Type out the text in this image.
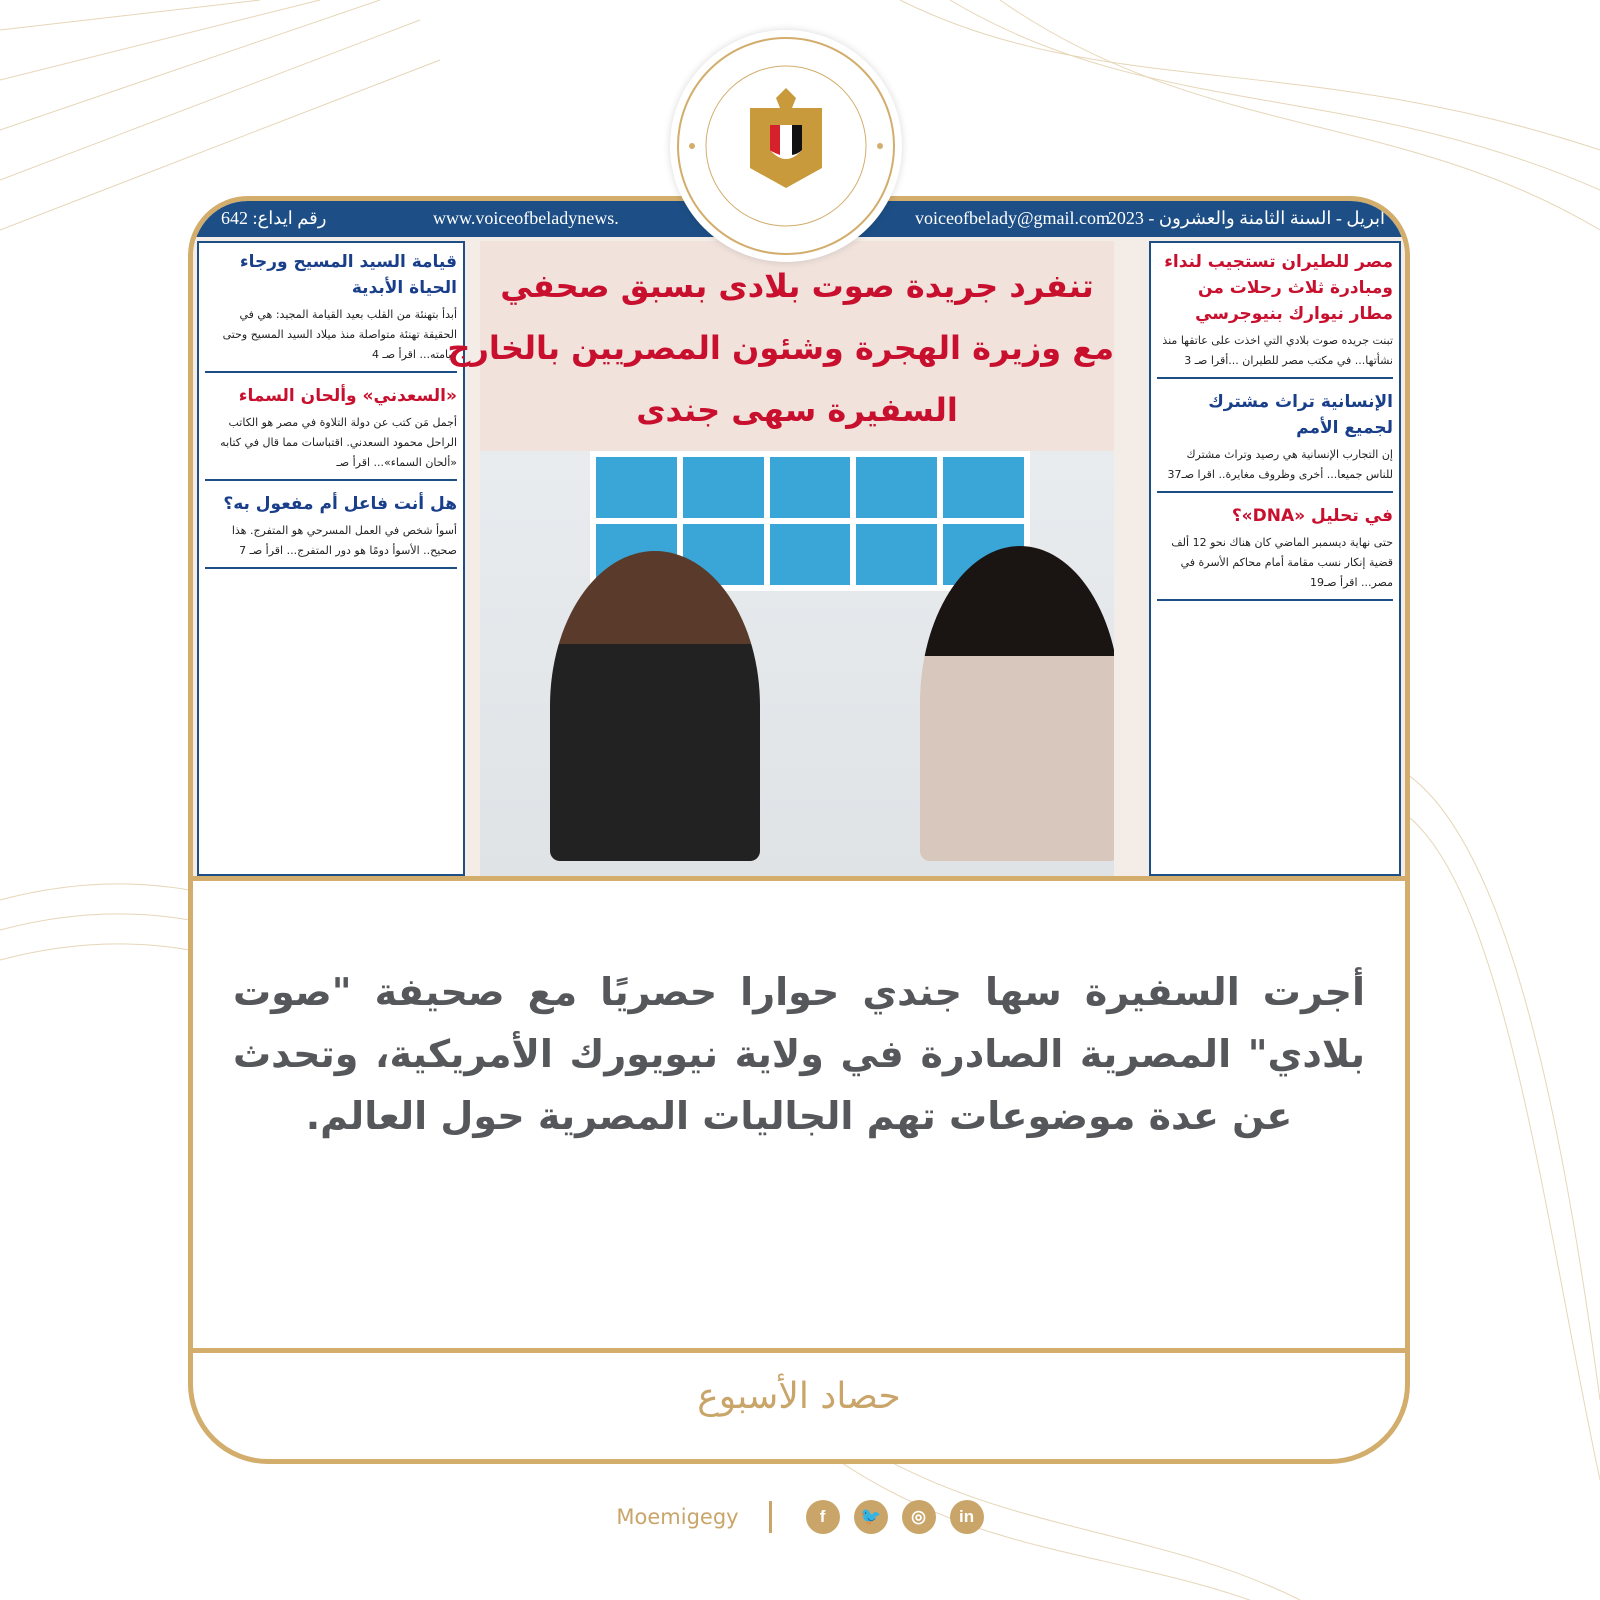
رقم ايداع: 642	www.voiceofbeladynews.	voiceofbelady@gmail.com
2023 - ابريل - السنة الثامنة والعشرون
قيامة السيد المسيح ورجاء الحياة الأبدية

أبدأ بتهنئة من القلب بعيد القيامة المجيد: هي في الحقيقة تهنئة متواصلة منذ ميلاد السيد المسيح وحتى قيامته... اقرأ صـ 4

«السعدني» وألحان السماء

أجمل مَن كتب عن دولة التلاوة في مصر هو الكاتب الراحل محمود السعدني. اقتباسات مما قال في كتابه «ألحان السماء»... اقرأ صـ

هل أنت فاعل أم مفعول به؟

أسوأ شخص في العمل المسرحي هو المتفرج. هذا صحيح.. الأسوأ دومًا هو دور المتفرج... اقرأ صـ 7

تنفرد جريدة صوت بلادى بسبق صحفي
مع وزيرة الهجرة وشئون المصريين بالخارج
السفيرة سهى جندى
مصر للطيران تستجيب لنداء ومبادرة ثلاث رحلات من مطار نيوارك بنيوجرسي

تبنت جريده صوت بلادي التي اخذت على عاتقها منذ نشأتها... في مكتب مصر للطيران ...أقرا صـ 3

الإنسانية تراث مشترك لجميع الأمم

إن التجارب الإنسانية هي رصيد وتراث مشترك للناس جميعا... أخرى وظروف مغايرة.. اقرا صـ37

في تحليل «DNA»؟

حتى نهاية ديسمبر الماضي كان هناك نحو 12 ألف قضية إنكار نسب مقامة أمام محاكم الأسرة في مصر... اقرأ صـ19

أجرت السفيرة سها جندي حوارا حصريًا مع صحيفة "صوت بلادي" المصرية الصادرة في ولاية نيويورك الأمريكية، وتحدث عن عدة موضوعات تهم الجاليات المصرية حول العالم.
حصاد الأسبوع
Moemigegy	f	🐦	◎	in
